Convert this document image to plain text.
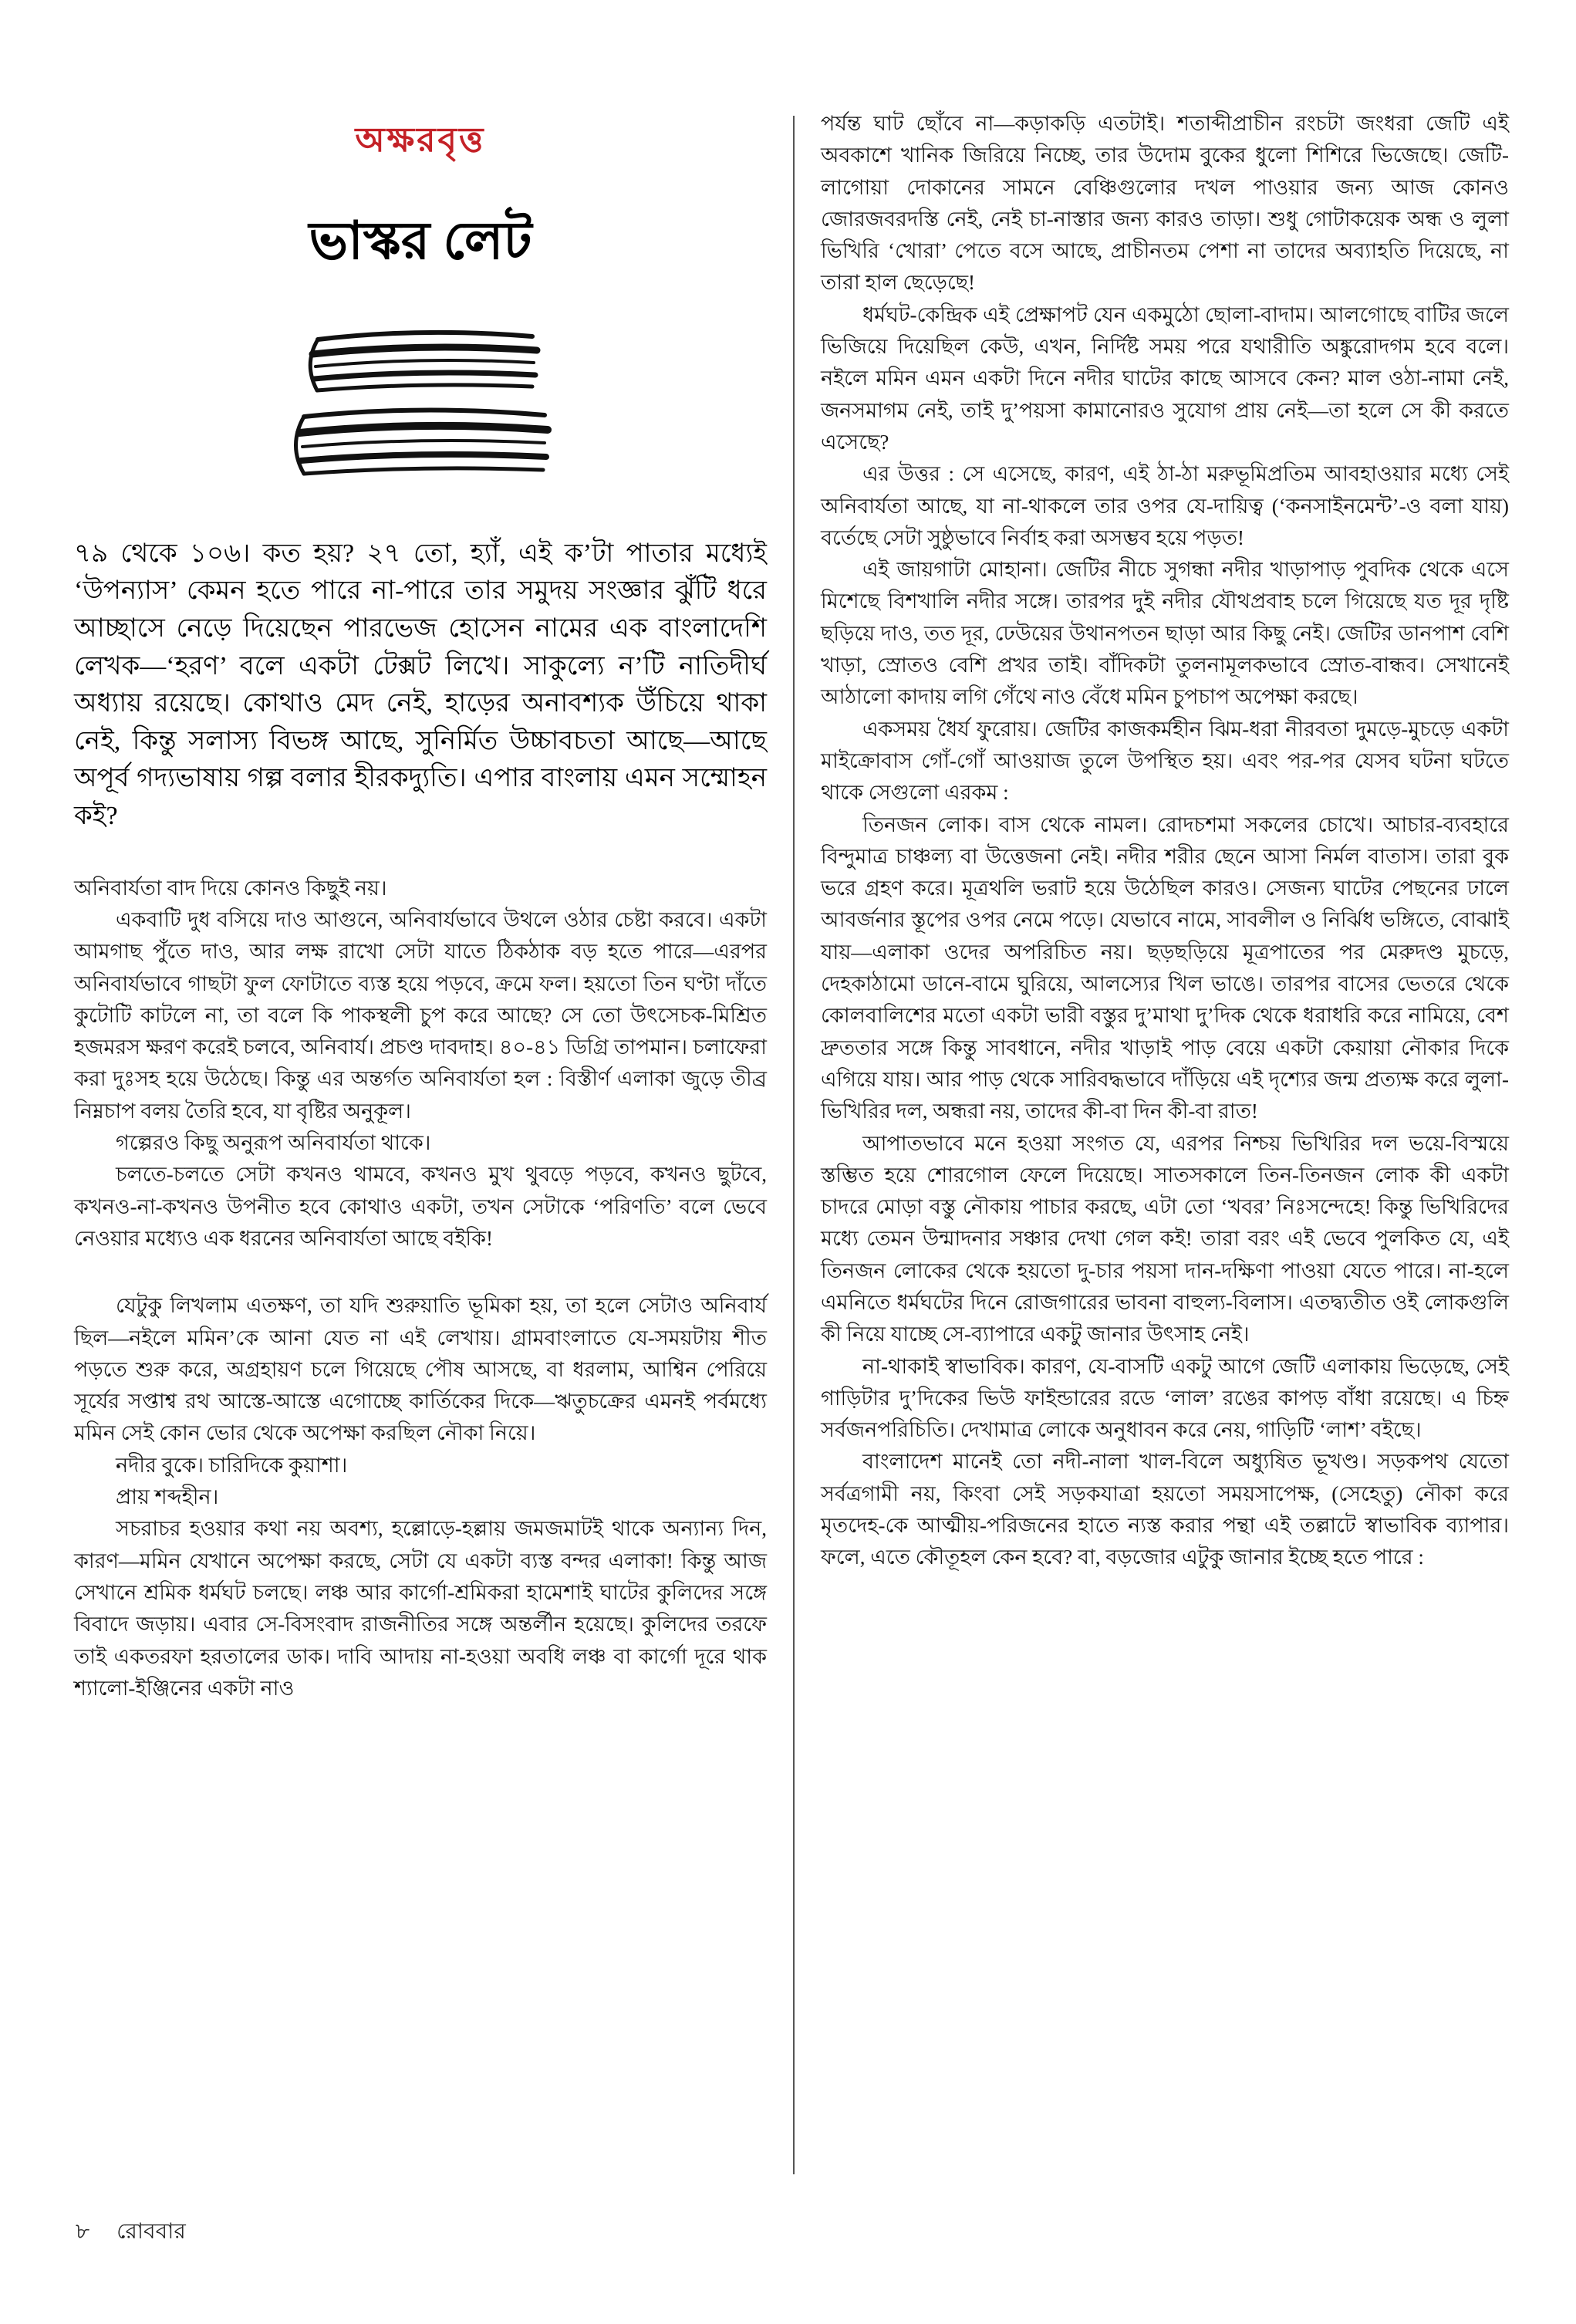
অক্ষরবৃত্ত
ভাস্কর লেট

৭৯ থেকে ১০৬। কত হয়? ২৭ তো, হ্যাঁ, এই ক’টা পাতার মধ্যেই ‘উপন্যাস’ কেমন হতে পারে না-পারে তার সমুদয় সংজ্ঞার ঝুঁটি ধরে আচ্ছাসে নেড়ে দিয়েছেন পারভেজ হোসেন নামের এক বাংলাদেশি লেখক—‘হরণ’ বলে একটা টেক্সট লিখে। সাকুল্যে ন’টি নাতিদীর্ঘ অধ্যায় রয়েছে। কোথাও মেদ নেই, হাড়ের অনাবশ্যক উঁচিয়ে থাকা নেই, কিন্তু সলাস্য বিভঙ্গ আছে, সুনির্মিত উচ্চাবচতা আছে—আছে অপূর্ব গদ্যভাষায় গল্প বলার হীরকদ্যুতি। এপার বাংলায় এমন সম্মোহন কই?

অনিবার্যতা বাদ দিয়ে কোনও কিছুই নয়।

একবাটি দুধ বসিয়ে দাও আগুনে, অনিবার্যভাবে উথলে ওঠার চেষ্টা করবে। একটা আমগাছ পুঁতে দাও, আর লক্ষ রাখো সেটা যাতে ঠিকঠাক বড় হতে পারে—এরপর অনিবার্যভাবে গাছটা ফুল ফোটাতে ব্যস্ত হয়ে পড়বে, ক্রমে ফল। হয়তো তিন ঘণ্টা দাঁতে কুটোটি কাটলে না, তা বলে কি পাকস্থলী চুপ করে আছে? সে তো উৎসেচক-মিশ্রিত হজমরস ক্ষরণ করেই চলবে, অনিবার্য। প্রচণ্ড দাবদাহ। ৪০-৪১ ডিগ্রি তাপমান। চলাফেরা করা দুঃসহ হয়ে উঠেছে। কিন্তু এর অন্তর্গত অনিবার্যতা হল : বিস্তীর্ণ এলাকা জুড়ে তীব্র নিম্নচাপ বলয় তৈরি হবে, যা বৃষ্টির অনুকূল।

গল্পেরও কিছু অনুরূপ অনিবার্যতা থাকে।

চলতে-চলতে সেটা কখনও থামবে, কখনও মুখ থুবড়ে পড়বে, কখনও ছুটবে, কখনও-না-কখনও উপনীত হবে কোথাও একটা, তখন সেটাকে ‘পরিণতি’ বলে ভেবে নেওয়ার মধ্যেও এক ধরনের অনিবার্যতা আছে বইকি!

যেটুকু লিখলাম এতক্ষণ, তা যদি শুরুয়াতি ভূমিকা হয়, তা হলে সেটাও অনিবার্য ছিল—নইলে মমিন’কে আনা যেত না এই লেখায়। গ্রামবাংলাতে যে-সময়টায় শীত পড়তে শুরু করে, অগ্রহায়ণ চলে গিয়েছে পৌষ আসছে, বা ধরলাম, আশ্বিন পেরিয়ে সূর্যের সপ্তাশ্ব রথ আস্তে-আস্তে এগোচ্ছে কার্তিকের দিকে—ঋতুচক্রের এমনই পর্বমধ্যে মমিন সেই কোন ভোর থেকে অপেক্ষা করছিল নৌকা নিয়ে।

নদীর বুকে। চারিদিকে কুয়াশা।

প্রায় শব্দহীন।

সচরাচর হওয়ার কথা নয় অবশ্য, হল্লোড়ে-হল্লায় জমজমাটই থাকে অন্যান্য দিন, কারণ—মমিন যেখানে অপেক্ষা করছে, সেটা যে একটা ব্যস্ত বন্দর এলাকা! কিন্তু আজ সেখানে শ্রমিক ধর্মঘট চলছে। লঞ্চ আর কার্গো-শ্রমিকরা হামেশাই ঘাটের কুলিদের সঙ্গে বিবাদে জড়ায়। এবার সে-বিসংবাদ রাজনীতির সঙ্গে অন্তর্লীন হয়েছে। কুলিদের তরফে তাই একতরফা হরতালের ডাক। দাবি আদায় না-হওয়া অবধি লঞ্চ বা কার্গো দূরে থাক শ্যালো-ইঞ্জিনের একটা নাও

পর্যন্ত ঘাট ছোঁবে না—কড়াকড়ি এতটাই। শতাব্দীপ্রাচীন রংচটা জংধরা জেটি এই অবকাশে খানিক জিরিয়ে নিচ্ছে, তার উদোম বুকের ধুলো শিশিরে ভিজেছে। জেটি-লাগোয়া দোকানের সামনে বেঞ্চিগুলোর দখল পাওয়ার জন্য আজ কোনও জোরজবরদস্তি নেই, নেই চা-নাস্তার জন্য কারও তাড়া। শুধু গোটাকয়েক অন্ধ ও লুলা ভিখিরি ‘খোরা’ পেতে বসে আছে, প্রাচীনতম পেশা না তাদের অব্যাহতি দিয়েছে, না তারা হাল ছেড়েছে!

ধর্মঘট-কেন্দ্রিক এই প্রেক্ষাপট যেন একমুঠো ছোলা-বাদাম। আলগোছে বাটির জলে ভিজিয়ে দিয়েছিল কেউ, এখন, নির্দিষ্ট সময় পরে যথারীতি অঙ্কুরোদগম হবে বলে। নইলে মমিন এমন একটা দিনে নদীর ঘাটের কাছে আসবে কেন? মাল ওঠা-নামা নেই, জনসমাগম নেই, তাই দু’পয়সা কামানোরও সুযোগ প্রায় নেই—তা হলে সে কী করতে এসেছে?

এর উত্তর : সে এসেছে, কারণ, এই ঠা-ঠা মরুভূমিপ্রতিম আবহাওয়ার মধ্যে সেই অনিবার্যতা আছে, যা না-থাকলে তার ওপর যে-দায়িত্ব (‘কনসাইনমেন্ট’-ও বলা যায়) বর্তেছে সেটা সুষ্ঠুভাবে নির্বাহ করা অসম্ভব হয়ে পড়ত!

এই জায়গাটা মোহানা। জেটির নীচে সুগন্ধা নদীর খাড়াপাড় পুবদিক থেকে এসে মিশেছে বিশখালি নদীর সঙ্গে। তারপর দুই নদীর যৌথপ্রবাহ চলে গিয়েছে যত দূর দৃষ্টি ছড়িয়ে দাও, তত দূর, ঢেউয়ের উথানপতন ছাড়া আর কিছু নেই। জেটির ডানপাশ বেশি খাড়া, স্রোতও বেশি প্রখর তাই। বাঁদিকটা তুলনামূলকভাবে স্রোত-বান্ধব। সেখানেই আঠালো কাদায় লগি গেঁথে নাও বেঁধে মমিন চুপচাপ অপেক্ষা করছে।

একসময় ধৈর্য ফুরোয়। জেটির কাজকর্মহীন ঝিম-ধরা নীরবতা দুমড়ে-মুচড়ে একটা মাইক্রোবাস গোঁ-গোঁ আওয়াজ তুলে উপস্থিত হয়। এবং পর-পর যেসব ঘটনা ঘটতে থাকে সেগুলো এরকম :

তিনজন লোক। বাস থেকে নামল। রোদচশমা সকলের চোখে। আচার-ব্যবহারে বিন্দুমাত্র চাঞ্চল্য বা উত্তেজনা নেই। নদীর শরীর ছেনে আসা নির্মল বাতাস। তারা বুক ভরে গ্রহণ করে। মূত্রথলি ভরাট হয়ে উঠেছিল কারও। সেজন্য ঘাটের পেছনের ঢালে আবর্জনার স্তূপের ওপর নেমে পড়ে। যেভাবে নামে, সাবলীল ও নির্ঝিধ ভঙ্গিতে, বোঝাই যায়—এলাকা ওদের অপরিচিত নয়। ছড়ছড়িয়ে মূত্রপাতের পর মেরুদণ্ড মুচড়ে, দেহকাঠামো ডানে-বামে ঘুরিয়ে, আলস্যের খিল ভাঙে। তারপর বাসের ভেতরে থেকে কোলবালিশের মতো একটা ভারী বস্তুর দু’মাথা দু’দিক থেকে ধরাধরি করে নামিয়ে, বেশ দ্রুততার সঙ্গে কিন্তু সাবধানে, নদীর খাড়াই পাড় বেয়ে একটা কেয়ায়া নৌকার দিকে এগিয়ে যায়। আর পাড় থেকে সারিবদ্ধভাবে দাঁড়িয়ে এই দৃশ্যের জন্ম প্রত্যক্ষ করে লুলা-ভিখিরির দল, অন্ধরা নয়, তাদের কী-বা দিন কী-বা রাত!

আপাতভাবে মনে হওয়া সংগত যে, এরপর নিশ্চয় ভিখিরির দল ভয়ে-বিস্ময়ে স্তম্ভিত হয়ে শোরগোল ফেলে দিয়েছে। সাতসকালে তিন-তিনজন লোক কী একটা চাদরে মোড়া বস্তু নৌকায় পাচার করছে, এটা তো ‘খবর’ নিঃসন্দেহে! কিন্তু ভিখিরিদের মধ্যে তেমন উন্মাদনার সঞ্চার দেখা গেল কই! তারা বরং এই ভেবে পুলকিত যে, এই তিনজন লোকের থেকে হয়তো দু-চার পয়সা দান-দক্ষিণা পাওয়া যেতে পারে। না-হলে এমনিতে ধর্মঘটের দিনে রোজগারের ভাবনা বাহুল্য-বিলাস। এতদ্ব্যতীত ওই লোকগুলি কী নিয়ে যাচ্ছে সে-ব্যাপারে একটু জানার উৎসাহ নেই।

না-থাকাই স্বাভাবিক। কারণ, যে-বাসটি একটু আগে জেটি এলাকায় ভিড়েছে, সেই গাড়িটার দু’দিকের ভিউ ফাইন্ডারের রডে ‘লাল’ রঙের কাপড় বাঁধা রয়েছে। এ চিহ্ন সর্বজনপরিচিতি। দেখামাত্র লোকে অনুধাবন করে নেয়, গাড়িটি ‘লাশ’ বইছে।

বাংলাদেশ মানেই তো নদী-নালা খাল-বিলে অধ্যুষিত ভূখণ্ড। সড়কপথ যেতো সর্বত্রগামী নয়, কিংবা সেই সড়কযাত্রা হয়তো সময়সাপেক্ষ, (সেহেতু) নৌকা করে মৃতদেহ-কে আত্মীয়-পরিজনের হাতে ন্যস্ত করার পন্থা এই তল্লাটে স্বাভাবিক ব্যাপার। ফলে, এতে কৌতূহল কেন হবে? বা, বড়জোর এটুকু জানার ইচ্ছে হতে পারে :

৮ রোববার
